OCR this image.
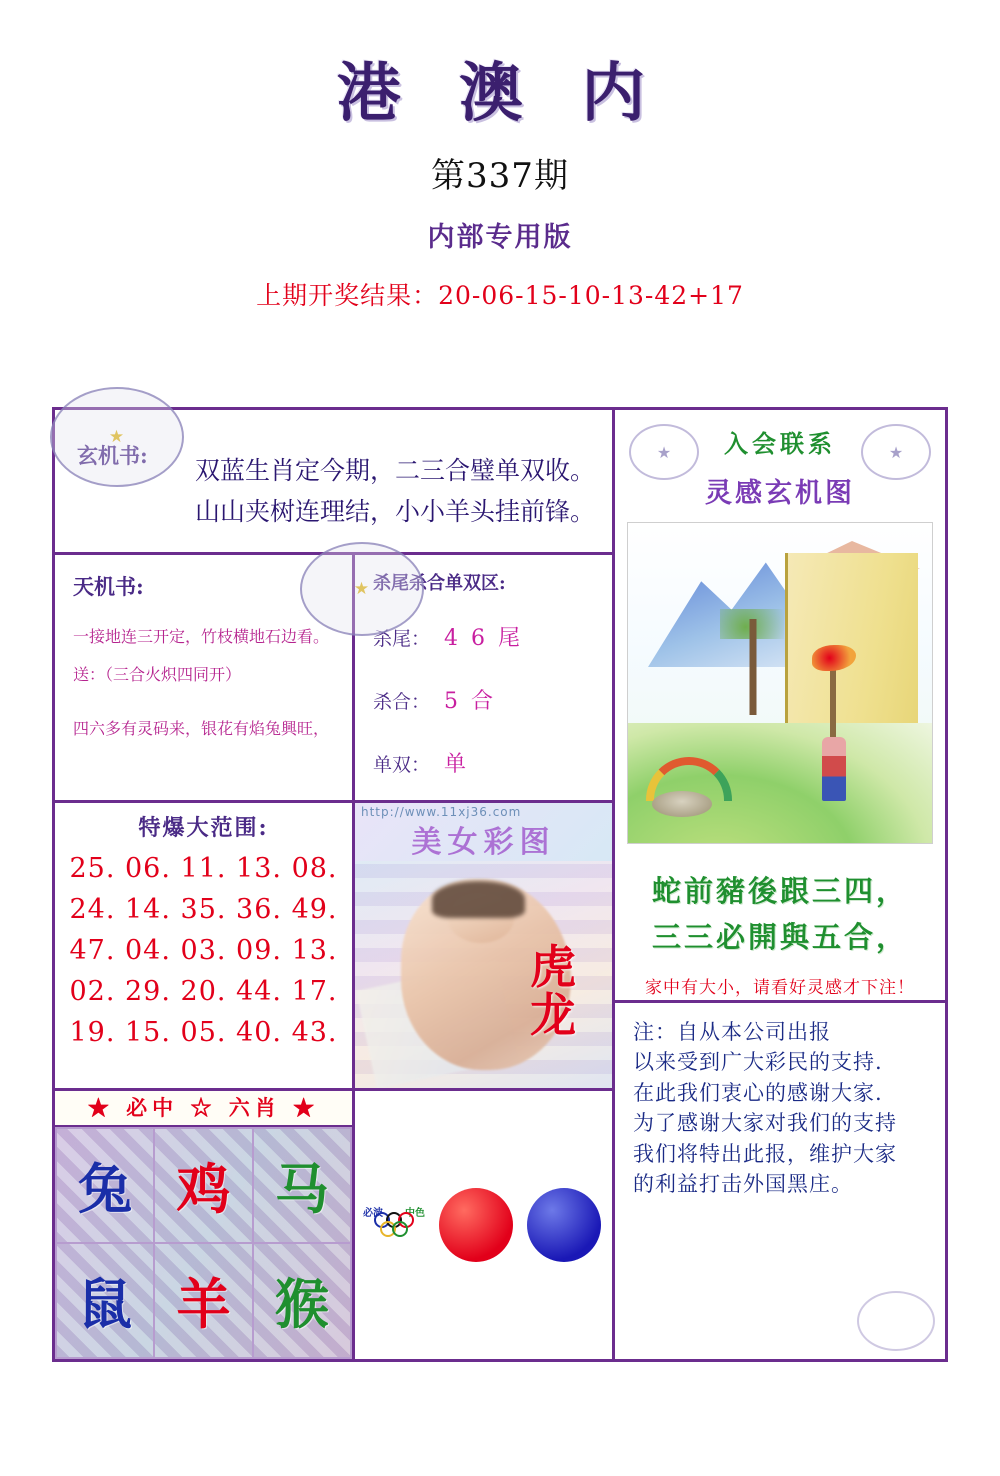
港 澳 内
第337期
内部专用版
上期开奖结果：20-06-15-10-13-42+17
玄机书:
双蓝生肖定今期，二三合璧单双收。
山山夹树连理结，小小羊头挂前锋。
天机书:

一接地连三开定，竹枝横地石边看。

送：（三合火炽四同开）

四六多有灵码来，银花有焰兔興旺，

杀尾杀合单双区:
杀尾： 4 6 尾
杀合： 5 合
单双： 单
特爆大范围:
25. 06. 11. 13. 08.
24. 14. 35. 36. 49.
47. 04. 03. 09. 13.
02. 29. 20. 44. 17.
19. 15. 05. 40. 43.
http://www.11xj36.com
美女彩图
虎
龙
★ 必中 ☆ 六肖 ★
兔 鸡 马
鼠 羊 猴
必波 中色
★	★
入会联系
灵感玄机图
蛇前豬後跟三四，
三三必開與五合，
家中有大小，请看好灵感才下注！
注：自从本公司出报
以来受到广大彩民的支持.
在此我们衷心的感谢大家.
为了感谢大家对我们的支持
我们将特出此报，维护大家
的利益打击外国黑庄。
★
★
